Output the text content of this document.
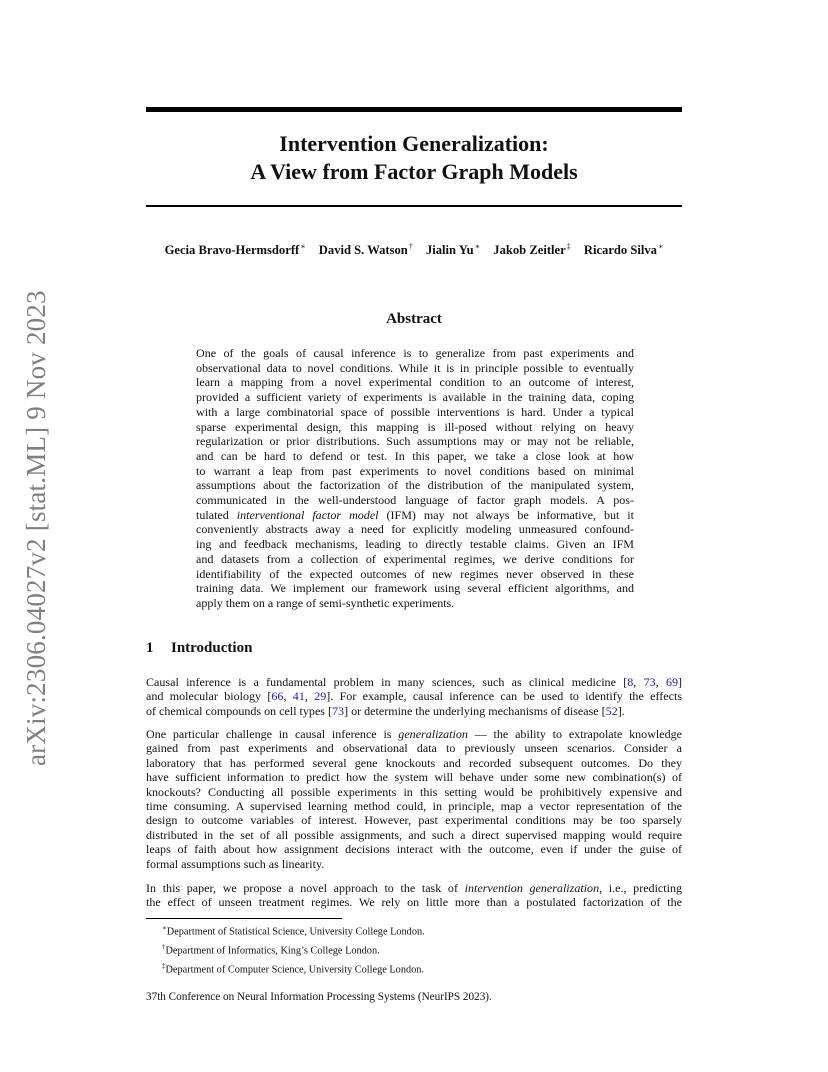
arXiv:2306.04027v2 [stat.ML] 9 Nov 2023
Intervention Generalization:
A View from Factor Graph Models
Gecia Bravo-Hermsdorff∗ David S. Watson† Jialin Yu∗ Jakob Zeitler‡ Ricardo Silva∗
Abstract
One of the goals of causal inference is to generalize from past experiments and
observational data to novel conditions. While it is in principle possible to eventually
learn a mapping from a novel experimental condition to an outcome of interest,
provided a sufficient variety of experiments is available in the training data, coping
with a large combinatorial space of possible interventions is hard. Under a typical
sparse experimental design, this mapping is ill-posed without relying on heavy
regularization or prior distributions. Such assumptions may or may not be reliable,
and can be hard to defend or test. In this paper, we take a close look at how
to warrant a leap from past experiments to novel conditions based on minimal
assumptions about the factorization of the distribution of the manipulated system,
communicated in the well-understood language of factor graph models. A pos-
tulated interventional factor model (IFM) may not always be informative, but it
conveniently abstracts away a need for explicitly modeling unmeasured confound-
ing and feedback mechanisms, leading to directly testable claims. Given an IFM
and datasets from a collection of experimental regimes, we derive conditions for
identifiability of the expected outcomes of new regimes never observed in these
training data. We implement our framework using several efficient algorithms, and
apply them on a range of semi-synthetic experiments.
1 Introduction
Causal inference is a fundamental problem in many sciences, such as clinical medicine [8, 73, 69]
and molecular biology [66, 41, 29]. For example, causal inference can be used to identify the effects
of chemical compounds on cell types [73] or determine the underlying mechanisms of disease [52].
One particular challenge in causal inference is generalization — the ability to extrapolate knowledge
gained from past experiments and observational data to previously unseen scenarios. Consider a
laboratory that has performed several gene knockouts and recorded subsequent outcomes. Do they
have sufficient information to predict how the system will behave under some new combination(s) of
knockouts? Conducting all possible experiments in this setting would be prohibitively expensive and
time consuming. A supervised learning method could, in principle, map a vector representation of the
design to outcome variables of interest. However, past experimental conditions may be too sparsely
distributed in the set of all possible assignments, and such a direct supervised mapping would require
leaps of faith about how assignment decisions interact with the outcome, even if under the guise of
formal assumptions such as linearity.
In this paper, we propose a novel approach to the task of intervention generalization, i.e., predicting
the effect of unseen treatment regimes. We rely on little more than a postulated factorization of the
∗Department of Statistical Science, University College London.
†Department of Informatics, King’s College London.
‡Department of Computer Science, University College London.
37th Conference on Neural Information Processing Systems (NeurIPS 2023).
